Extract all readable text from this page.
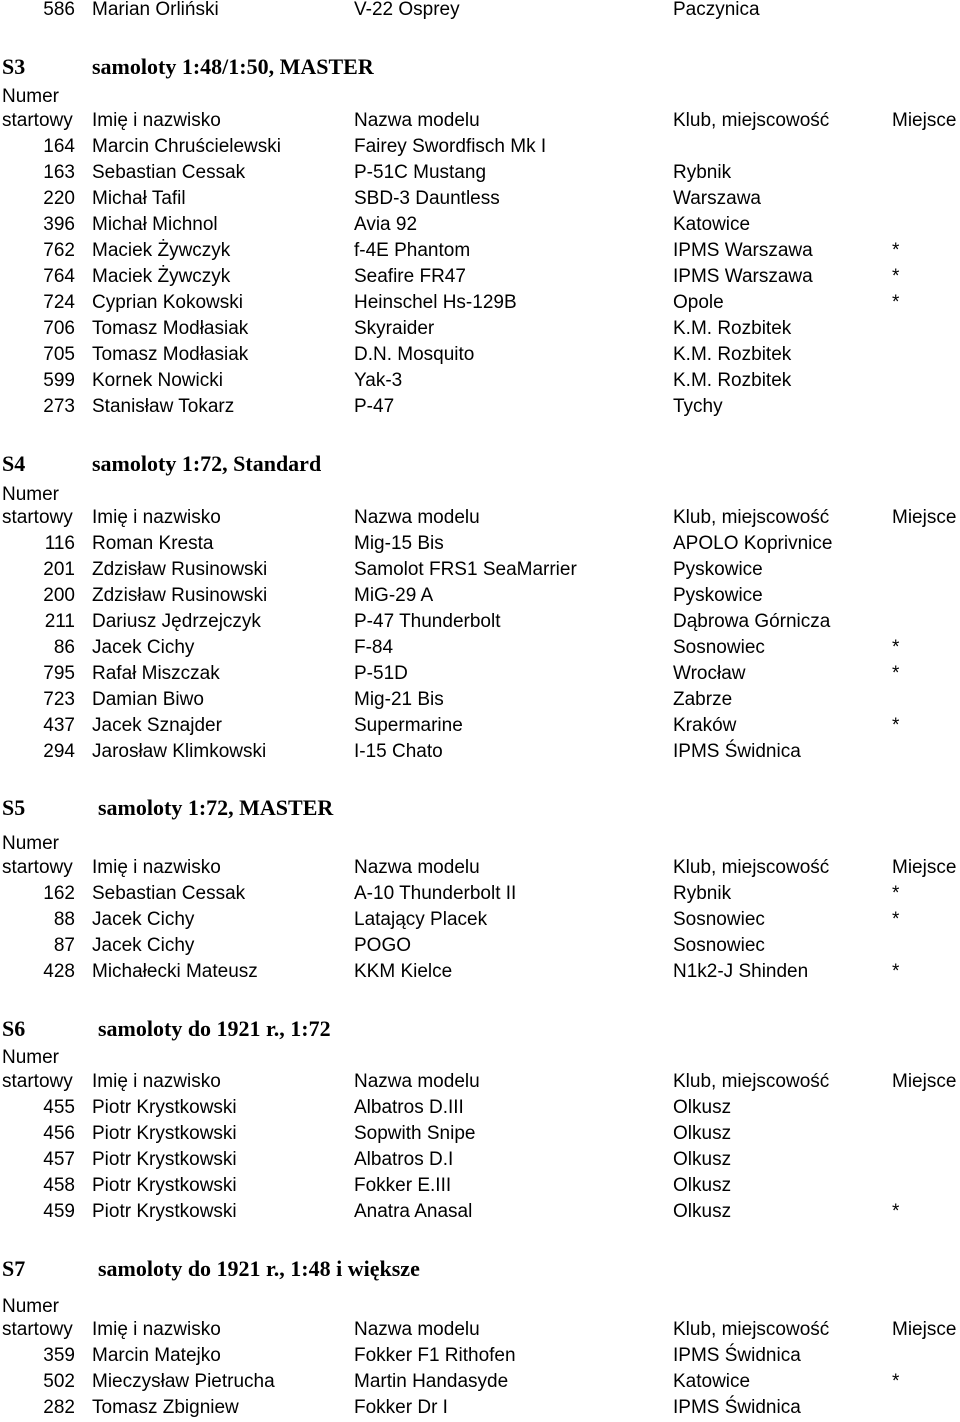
586 Marian Orliński	V-22 Osprey	Paczynica
S3	samoloty 1:48/1:50, MASTER
Numer
startowy Imię i nazwisko	Nazwa modelu	Klub, miejscowość	Miejsce
164 Marcin Chruścielewski	Fairey Swordfisch Mk I
163 Sebastian Cessak	P-51C Mustang	Rybnik
220 Michał Tafil	SBD-3 Dauntless	Warszawa
396 Michał Michnol	Avia 92	Katowice
762 Maciek Żywczyk	f-4E Phantom	IPMS Warszawa	*
764 Maciek Żywczyk	Seafire FR47	IPMS Warszawa	*
724 Cyprian Kokowski	Heinschel Hs-129B	Opole	*
706 Tomasz Modłasiak	Skyraider	K.M. Rozbitek
705 Tomasz Modłasiak	D.N. Mosquito	K.M. Rozbitek
599 Kornek Nowicki	Yak-3	K.M. Rozbitek
273 Stanisław Tokarz	P-47	Tychy
S4	samoloty 1:72, Standard
Numer
startowy Imię i nazwisko	Nazwa modelu	Klub, miejscowość	Miejsce
116 Roman Kresta	Mig-15 Bis	APOLO Koprivnice
201 Zdzisław Rusinowski	Samolot FRS1 SeaMarrier	Pyskowice
200 Zdzisław Rusinowski	MiG-29 A	Pyskowice
211 Dariusz Jędrzejczyk	P-47 Thunderbolt	Dąbrowa Górnicza
86 Jacek Cichy	F-84	Sosnowiec	*
795 Rafał Miszczak	P-51D	Wrocław	*
723 Damian Biwo	Mig-21 Bis	Zabrze
437 Jacek Sznajder	Supermarine	Kraków	*
294 Jarosław Klimkowski	I-15 Chato	IPMS Świdnica
S5	samoloty 1:72, MASTER
Numer
startowy Imię i nazwisko	Nazwa modelu	Klub, miejscowość	Miejsce
162 Sebastian Cessak	A-10 Thunderbolt II	Rybnik	*
88 Jacek Cichy	Latający Placek	Sosnowiec	*
87 Jacek Cichy	POGO	Sosnowiec
428 Michałecki Mateusz	KKM Kielce	N1k2-J Shinden	*
S6	samoloty do 1921 r., 1:72
Numer
startowy Imię i nazwisko	Nazwa modelu	Klub, miejscowość	Miejsce
455 Piotr Krystkowski	Albatros D.III	Olkusz
456 Piotr Krystkowski	Sopwith Snipe	Olkusz
457 Piotr Krystkowski	Albatros D.I	Olkusz
458 Piotr Krystkowski	Fokker E.III	Olkusz
459 Piotr Krystkowski	Anatra Anasal	Olkusz	*
S7	samoloty do 1921 r., 1:48 i większe
Numer
startowy Imię i nazwisko	Nazwa modelu	Klub, miejscowość	Miejsce
359 Marcin Matejko	Fokker F1 Rithofen	IPMS Świdnica
502 Mieczysław Pietrucha	Martin Handasyde	Katowice	*
282 Tomasz Zbigniew	Fokker Dr I	IPMS Świdnica
